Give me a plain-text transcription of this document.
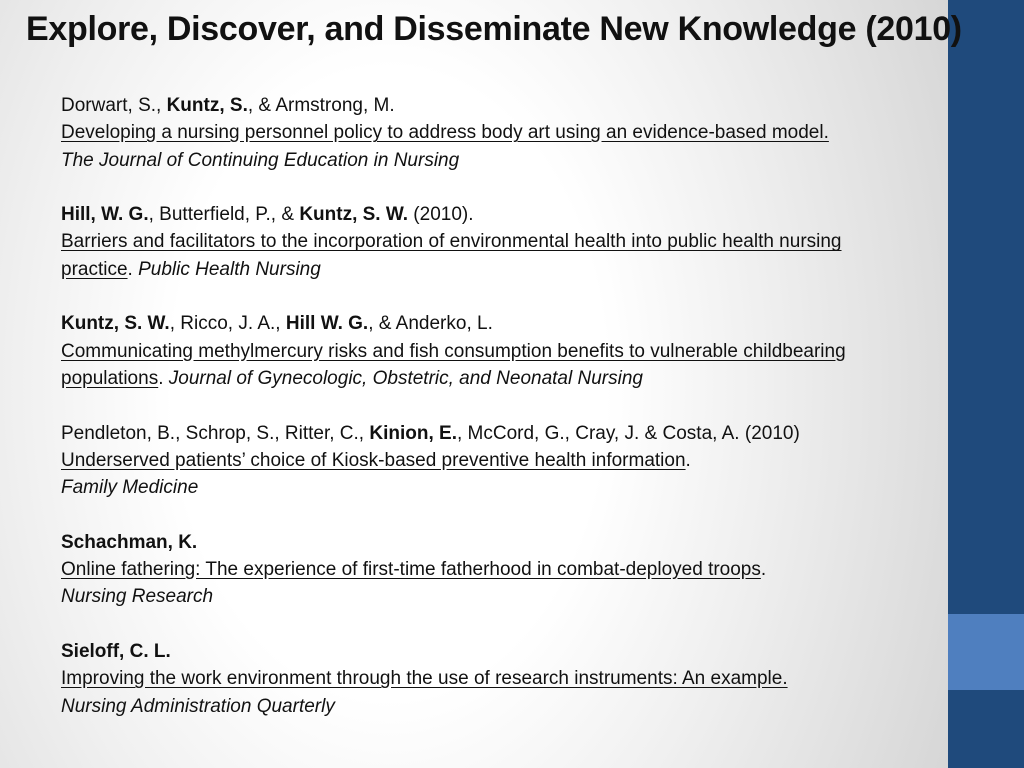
Explore, Discover, and Disseminate New Knowledge (2010)
Dorwart, S., Kuntz, S., & Armstrong, M.
Developing a nursing personnel policy to address body art using an evidence-based model.
The Journal of Continuing Education in Nursing
Hill, W. G., Butterfield, P., & Kuntz, S. W. (2010).
Barriers and facilitators to the incorporation of environmental health into public health nursing
practice. Public Health Nursing
Kuntz, S. W., Ricco, J. A., Hill W. G., & Anderko, L.
Communicating methylmercury risks and fish consumption benefits to vulnerable childbearing
populations. Journal of Gynecologic, Obstetric, and Neonatal Nursing
Pendleton, B., Schrop, S., Ritter, C., Kinion, E., McCord, G., Cray, J. & Costa, A. (2010)
Underserved patients’ choice of Kiosk-based preventive health information.
Family Medicine
Schachman, K.
Online fathering: The experience of first-time fatherhood in combat-deployed troops.
Nursing Research
Sieloff, C. L.
Improving the work environment through the use of research instruments: An example.
Nursing Administration Quarterly
